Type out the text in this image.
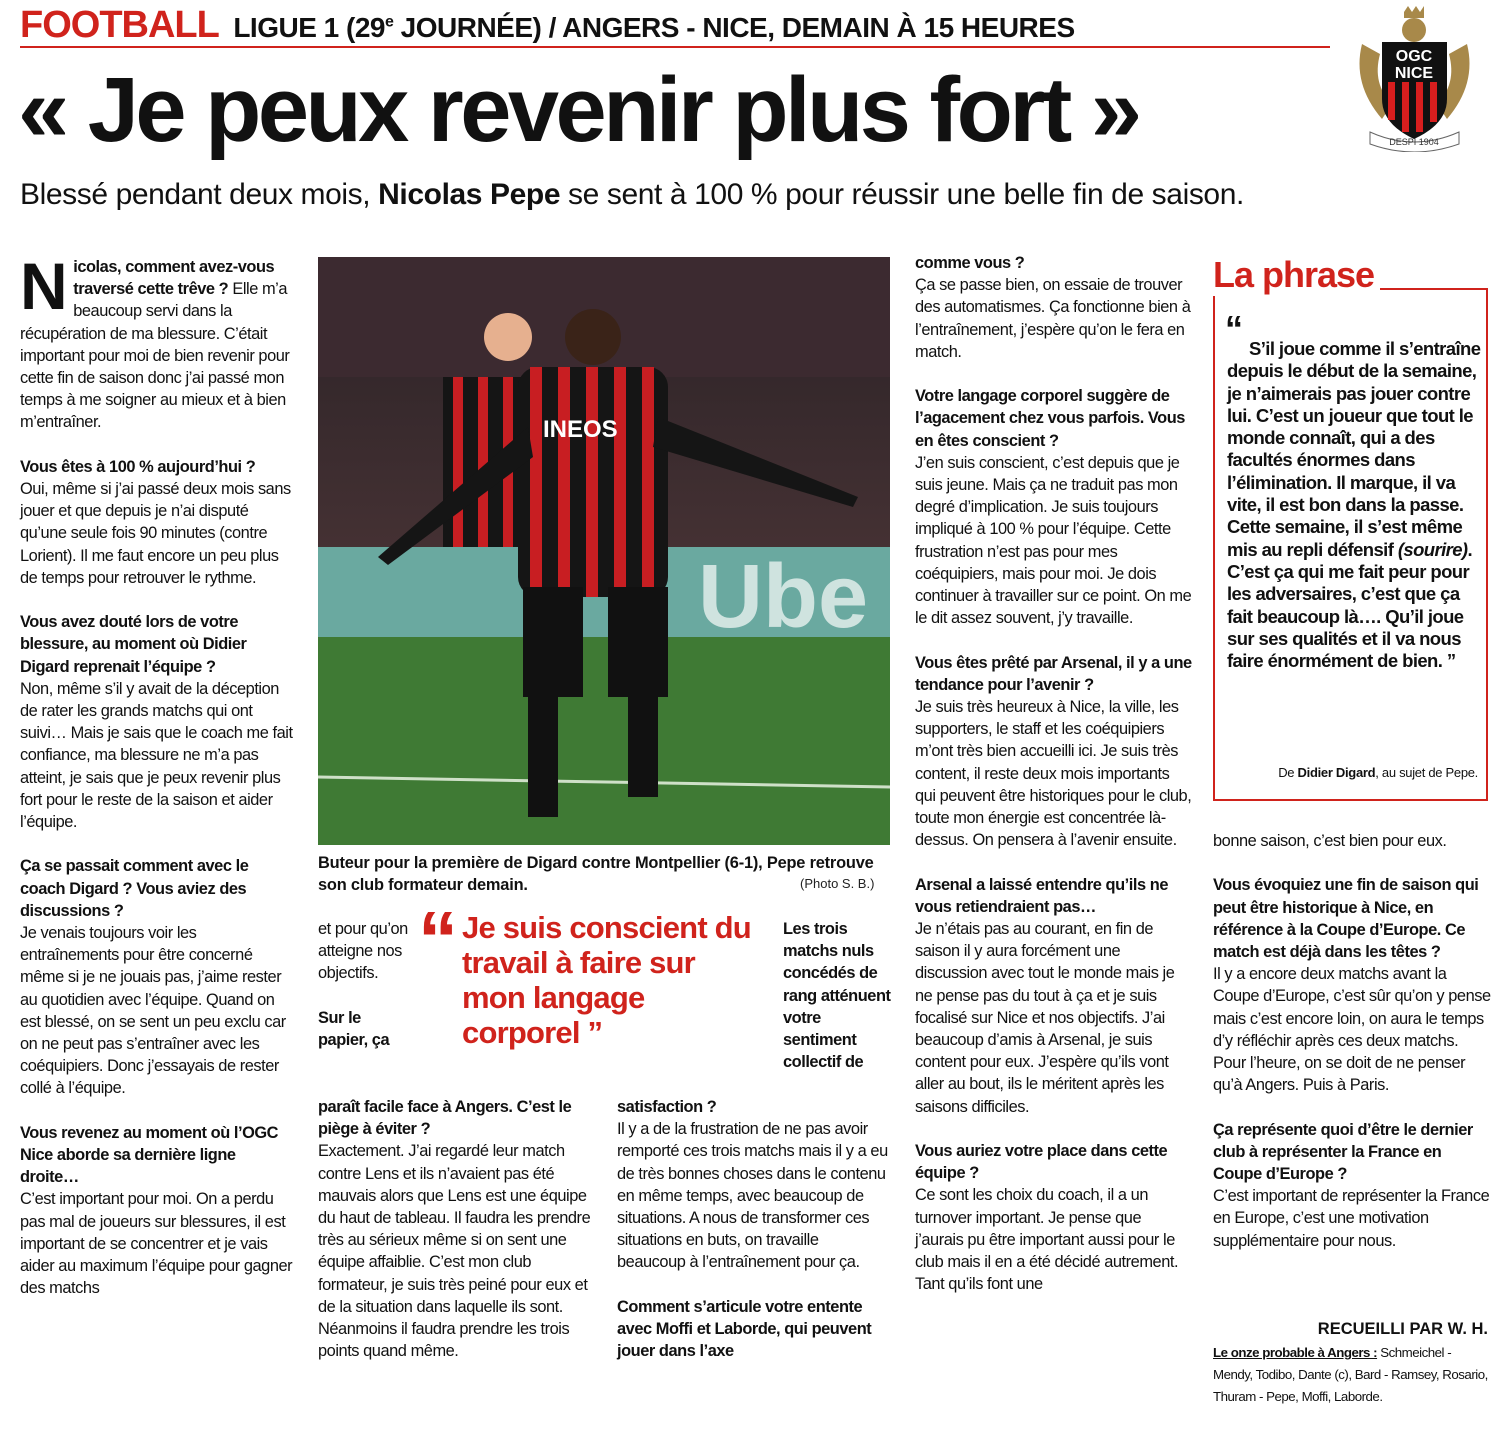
FOOTBALL LIGUE 1 (29e JOURNÉE) / ANGERS - NICE, DEMAIN À 15 HEURES
« Je peux revenir plus fort »
Blessé pendant deux mois, Nicolas Pepe se sent à 100 % pour réussir une belle fin de saison.
OGC
NICE
DESPI 1904
INEOS
Ube
Buteur pour la première de Digard contre Montpellier (6-1), Pepe retrouve son club formateur demain.	(Photo S. B.)
“ Je suis conscient du travail à faire sur mon langage corporel ”

Nicolas, comment avez-vous traversé cette trêve ? Elle m’a beaucoup servi dans la récupération de ma blessure. C’était important pour moi de bien revenir pour cette fin de saison donc j’ai passé mon temps à me soigner au mieux et à bien m’entraîner.

Vous êtes à 100 % aujourd’hui ?
Oui, même si j’ai passé deux mois sans jouer et que depuis je n’ai disputé qu’une seule fois 90 minutes (contre Lorient). Il me faut encore un peu plus de temps pour retrouver le rythme.

Vous avez douté lors de votre blessure, au moment où Didier Digard reprenait l’équipe ?
Non, même s’il y avait de la déception de rater les grands matchs qui ont suivi… Mais je sais que le coach me fait confiance, ma blessure ne m’a pas atteint, je sais que je peux revenir plus fort pour le reste de la saison et aider l’équipe.

Ça se passait comment avec le coach Digard ? Vous aviez des discussions ?
Je venais toujours voir les entraînements pour être concerné même si je ne jouais pas, j’aime rester au quotidien avec l’équipe. Quand on est blessé, on se sent un peu exclu car on ne peut pas s’entraîner avec les coéquipiers. Donc j’essayais de rester collé à l’équipe.

Vous revenez au moment où l’OGC Nice aborde sa dernière ligne droite…
C’est important pour moi. On a perdu pas mal de joueurs sur blessures, il est important de se concentrer et je vais aider au maximum l’équipe pour gagner des matchs

et pour qu’on atteigne nos objectifs.

Sur le papier, ça

paraît facile face à Angers. C’est le piège à éviter ?
Exactement. J’ai regardé leur match contre Lens et ils n’avaient pas été mauvais alors que Lens est une équipe du haut de tableau. Il faudra les prendre très au sérieux même si on sent une équipe affaiblie. C’est mon club formateur, je suis très peiné pour eux et de la situation dans laquelle ils sont. Néanmoins il faudra prendre les trois points quand même.

Les trois matchs nuls concédés de rang atténuent votre sentiment collectif de

satisfaction ?
Il y a de la frustration de ne pas avoir remporté ces trois matchs mais il y a eu de très bonnes choses dans le contenu en même temps, avec beaucoup de situations. A nous de transformer ces situations en buts, on travaille beaucoup à l’entraînement pour ça.

Comment s’articule votre entente avec Moffi et Laborde, qui peuvent jouer dans l’axe

comme vous ?
Ça se passe bien, on essaie de trouver des automatismes. Ça fonctionne bien à l’entraînement, j’espère qu’on le fera en match.

Votre langage corporel suggère de l’agacement chez vous parfois. Vous en êtes conscient ?
J’en suis conscient, c’est depuis que je suis jeune. Mais ça ne traduit pas mon degré d’implication. Je suis toujours impliqué à 100 % pour l’équipe. Cette frustration n’est pas pour mes coéquipiers, mais pour moi. Je dois continuer à travailler sur ce point. On me le dit assez souvent, j’y travaille.

Vous êtes prêté par Arsenal, il y a une tendance pour l’avenir ?
Je suis très heureux à Nice, la ville, les supporters, le staff et les coéquipiers m’ont très bien accueilli ici. Je suis très content, il reste deux mois importants qui peuvent être historiques pour le club, toute mon énergie est concentrée là-dessus. On pensera à l’avenir ensuite.

Arsenal a laissé entendre qu’ils ne vous retiendraient pas…
Je n’étais pas au courant, en fin de saison il y aura forcément une discussion avec tout le monde mais je ne pense pas du tout à ça et je suis focalisé sur Nice et nos objectifs. J’ai beaucoup d’amis à Arsenal, je suis content pour eux. J’espère qu’ils vont aller au bout, ils le méritent après les saisons difficiles.

Vous auriez votre place dans cette équipe ?
Ce sont les choix du coach, il a un turnover important. Je pense que j’aurais pu être important aussi pour le club mais il en a été décidé autrement. Tant qu’ils font une

bonne saison, c’est bien pour eux.

Vous évoquiez une fin de saison qui peut être historique à Nice, en référence à la Coupe d’Europe. Ce match est déjà dans les têtes ?
Il y a encore deux matchs avant la Coupe d’Europe, c’est sûr qu’on y pense mais c’est encore loin, on aura le temps d’y réfléchir après ces deux matchs. Pour l’heure, on se doit de ne penser qu’à Angers. Puis à Paris.

Ça représente quoi d’être le dernier club à représenter la France en Coupe d’Europe ?
C’est important de représenter la France en Europe, c’est une motivation supplémentaire pour nous.

La phrase
“ S’il joue comme il s’entraîne depuis le début de la semaine, je n’aimerais pas jouer contre lui. C’est un joueur que tout le monde connaît, qui a des facultés énormes dans l’élimination. Il marque, il va vite, il est bon dans la passe. Cette semaine, il s’est même mis au repli défensif (sourire). C’est ça qui me fait peur pour les adversaires, c’est que ça fait beaucoup là…. Qu’il joue sur ses qualités et il va nous faire énormément de bien. ”
De Didier Digard, au sujet de Pepe.
RECUEILLI PAR W. H.
Le onze probable à Angers : Schmeichel - Mendy, Todibo, Dante (c), Bard - Ramsey, Rosario, Thuram - Pepe, Moffi, Laborde.
